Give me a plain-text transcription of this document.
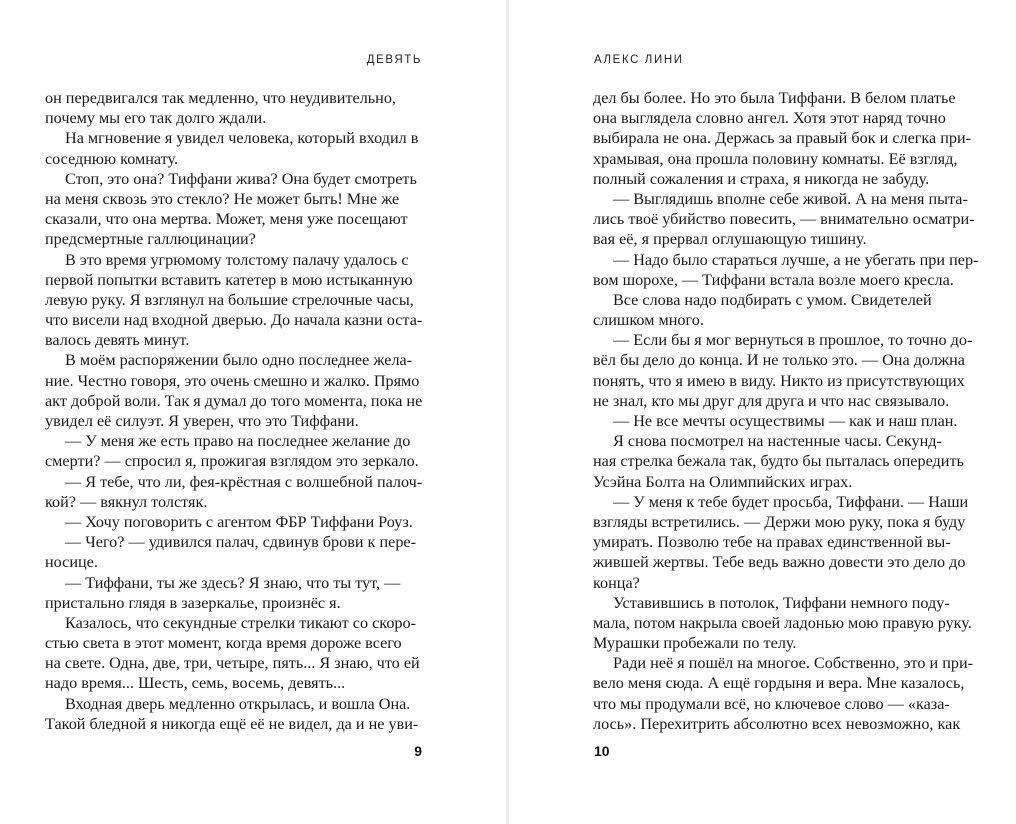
ДЕВЯТЬ
он передвигался так медленно, что неудивительно,
почему мы его так долго ждали.
На мгновение я увидел человека, который входил в
соседнюю комнату.
Стоп, это она? Тиффани жива? Она будет смотреть
на меня сквозь это стекло? Не может быть! Мне же
сказали, что она мертва. Может, меня уже посещают
предсмертные галлюцинации?
В это время угрюмому толстому палачу удалось с
первой попытки вставить катетер в мою истыканную
левую руку. Я взглянул на большие стрелочные часы,
что висели над входной дверью. До начала казни оста-
валось девять минут.
В моём распоряжении было одно последнее жела-
ние. Честно говоря, это очень смешно и жалко. Прямо
акт доброй воли. Так я думал до того момента, пока не
увидел её силуэт. Я уверен, что это Тиффани.
— У меня же есть право на последнее желание до
смерти? — спросил я, прожигая взглядом это зеркало.
— Я тебе, что ли, фея-крёстная с волшебной палоч-
кой? — вякнул толстяк.
— Хочу поговорить с агентом ФБР Тиффани Роуз.
— Чего? — удивился палач, сдвинув брови к пере-
носице.
— Тиффани, ты же здесь? Я знаю, что ты тут, —
пристально глядя в зазеркалье, произнёс я.
Казалось, что секундные стрелки тикают со скоро-
стью света в этот момент, когда время дороже всего
на свете. Одна, две, три, четыре, пять... Я знаю, что ей
надо время... Шесть, семь, восемь, девять...
Входная дверь медленно открылась, и вошла Она.
Такой бледной я никогда ещё её не видел, да и не уви-
9
АЛЕКС ЛИНИ
дел бы более. Но это была Тиффани. В белом платье
она выглядела словно ангел. Хотя этот наряд точно
выбирала не она. Держась за правый бок и слегка при-
храмывая, она прошла половину комнаты. Её взгляд,
полный сожаления и страха, я никогда не забуду.
— Выглядишь вполне себе живой. А на меня пыта-
лись твоё убийство повесить, — внимательно осматри-
вая её, я прервал оглушающую тишину.
— Надо было стараться лучше, а не убегать при пер-
вом шорохе, — Тиффани встала возле моего кресла.
Все слова надо подбирать с умом. Свидетелей
слишком много.
— Если бы я мог вернуться в прошлое, то точно до-
вёл бы дело до конца. И не только это. — Она должна
понять, что я имею в виду. Никто из присутствующих
не знал, кто мы друг для друга и что нас связывало.
— Не все мечты осуществимы — как и наш план.
Я снова посмотрел на настенные часы. Секунд-
ная стрелка бежала так, будто бы пыталась опередить
Усэйна Болта на Олимпийских играх.
— У меня к тебе будет просьба, Тиффани. — Наши
взгляды встретились. — Держи мою руку, пока я буду
умирать. Позволю тебе на правах единственной вы-
жившей жертвы. Тебе ведь важно довести это дело до
конца?
Уставившись в потолок, Тиффани немного поду-
мала, потом накрыла своей ладонью мою правую руку.
Мурашки пробежали по телу.
Ради неё я пошёл на многое. Собственно, это и при-
вело меня сюда. А ещё гордыня и вера. Мне казалось,
что мы продумали всё, но ключевое слово — «каза-
лось». Перехитрить абсолютно всех невозможно, как
10
